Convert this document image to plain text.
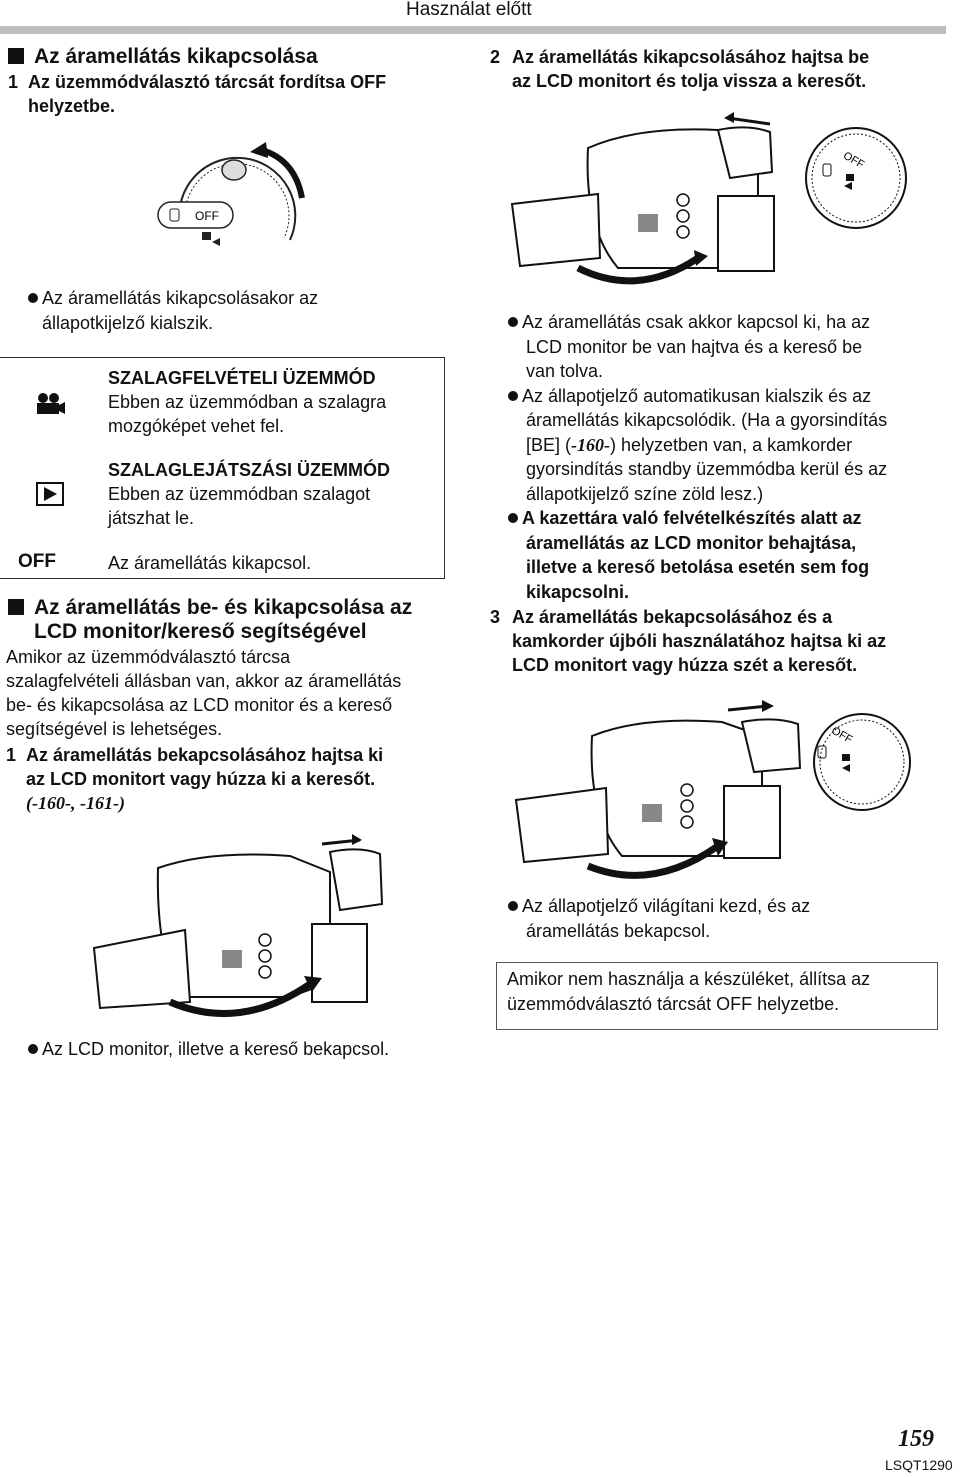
Használat előtt
Az áramellátás kikapcsolása
1 Az üzemmódválasztó tárcsát fordítsa OFF
helyzetbe.
OFF
Az áramellátás kikapcsolásakor az
állapotkijelző kialszik.
SZALAGFELVÉTELI ÜZEMMÓD
Ebben az üzemmódban a szalagra
mozgóképet vehet fel.
SZALAGLEJÁTSZÁSI ÜZEMMÓD
Ebben az üzemmódban szalagot
játszhat le.
OFF	Az áramellátás kikapcsol.
Az áramellátás be- és kikapcsolása az
LCD monitor/kereső segítségével
Amikor az üzemmódválasztó tárcsa
szalagfelvételi állásban van, akkor az áramellátás
be- és kikapcsolása az LCD monitor és a kereső
segítségével is lehetséges.
1 Az áramellátás bekapcsolásához hajtsa ki
az LCD monitort vagy húzza ki a keresőt.
(-160-, -161-)
Az LCD monitor, illetve a kereső bekapcsol.
2 Az áramellátás kikapcsolásához hajtsa be
az LCD monitort és tolja vissza a keresőt.
OFF
Az áramellátás csak akkor kapcsol ki, ha az
LCD monitor be van hajtva és a kereső be
van tolva.
Az állapotjelző automatikusan kialszik és az
áramellátás kikapcsolódik. (Ha a gyorsindítás
[BE] (-160-) helyzetben van, a kamkorder
gyorsindítás standby üzemmódba kerül és az
állapotkijelző színe zöld lesz.)
A kazettára való felvételkészítés alatt az
áramellátás az LCD monitor behajtása,
illetve a kereső betolása esetén sem fog
kikapcsolni.
3 Az áramellátás bekapcsolásához és a
kamkorder újbóli használatához hajtsa ki az
LCD monitort vagy húzza szét a keresőt.
OFF
Az állapotjelző világítani kezd, és az
áramellátás bekapcsol.
Amikor nem használja a készüléket, állítsa az
üzemmódválasztó tárcsát OFF helyzetbe.
159
LSQT1290
